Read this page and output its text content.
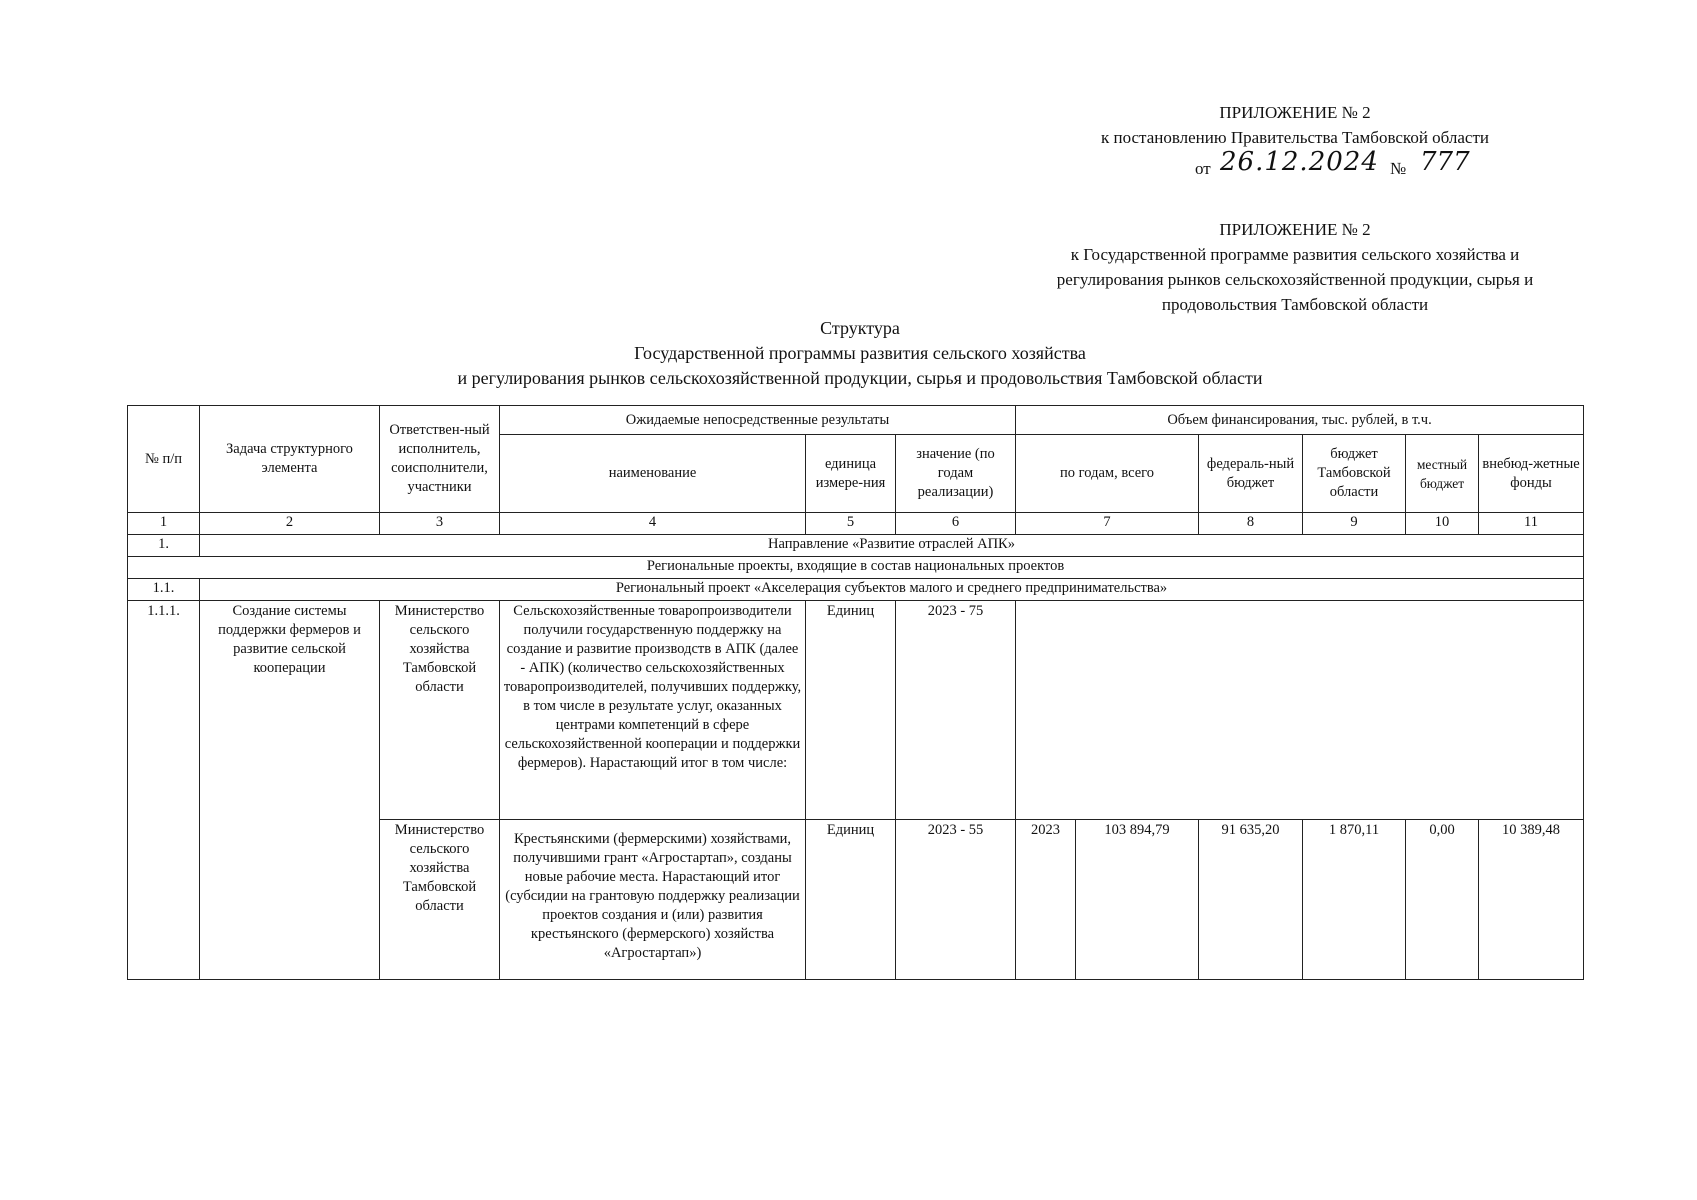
ПРИЛОЖЕНИЕ № 2
к постановлению Правительства Тамбовской области
от 26.12.2024 № 777
ПРИЛОЖЕНИЕ № 2
к Государственной программе развития сельского хозяйства и
регулирования рынков сельскохозяйственной продукции, сырья и
продовольствия Тамбовской области
Структура
Государственной программы развития сельского хозяйства
и регулирования рынков сельскохозяйственной продукции, сырья и продовольствия Тамбовской области
№ п/п	Задача структурного элемента	Ответствен-ный исполнитель, соисполнители, участники	Ожидаемые непосредственные результаты			Объем финансирования, тыс. рублей, в т.ч.					
			наименование	единица измере-ния	значение (по годам реализации)	по годам, всего		федераль-ный бюджет	бюджет Тамбовской области	местный бюджет	внебюд-жетные фонды
1	2	3	4	5	6	7		8	9	10	11
1.	Направление «Развитие отраслей АПК»										
Региональные проекты, входящие в состав национальных проектов											
1.1.	Региональный проект «Акселерация субъектов малого и среднего предпринимательства»										
1.1.1.	Создание системы поддержки фермеров и развитие сельской кооперации	Министерство сельского хозяйства Тамбовской области	Сельскохозяйственные товаропроизводители получили государственную поддержку на создание и развитие производств в АПК (далее - АПК) (количество сельскохозяйственных товаропроизводителей, получивших поддержку, в том числе в результате услуг, оказанных центрами компетенций в сфере сельскохозяйственной кооперации и поддержки фермеров). Нарастающий итог в том числе:	Единиц	2023 - 75						
		Министерство сельского хозяйства Тамбовской области	Крестьянскими (фермерскими) хозяйствами, получившими грант «Агростартап», созданы новые рабочие места. Нарастающий итог (субсидии на грантовую поддержку реализации проектов создания и (или) развития крестьянского (фермерского) хозяйства «Агростартап»)	Единиц	2023 - 55	2023	103 894,79	91 635,20	1 870,11	0,00	10 389,48
